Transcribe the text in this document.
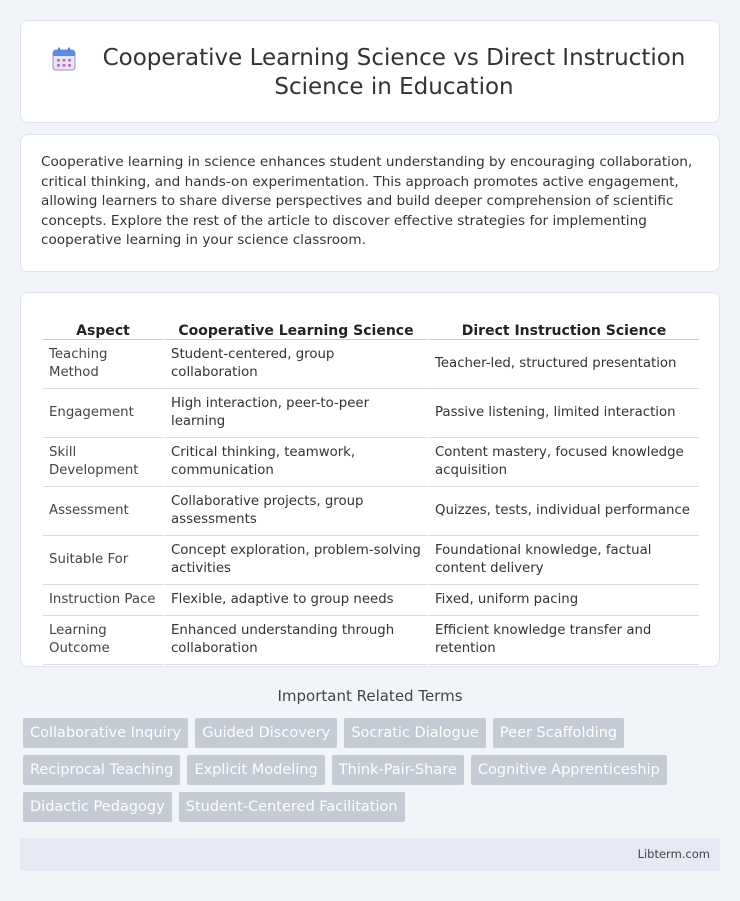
Cooperative Learning Science vs Direct Instruction Science in Education

Cooperative learning in science enhances student understanding by encouraging collaboration, critical thinking, and hands-on experimentation. This approach promotes active engagement, allowing learners to share diverse perspectives and build deeper comprehension of scientific concepts. Explore the rest of the article to discover effective strategies for implementing cooperative learning in your science classroom.

Aspect	Cooperative Learning Science	Direct Instruction Science
Teaching Method	Student-centered, group collaboration	Teacher-led, structured presentation
Engagement	High interaction, peer-to-peer learning	Passive listening, limited interaction
Skill Development	Critical thinking, teamwork, communication	Content mastery, focused knowledge acquisition
Assessment	Collaborative projects, group assessments	Quizzes, tests, individual performance
Suitable For	Concept exploration, problem-solving activities	Foundational knowledge, factual content delivery
Instruction Pace	Flexible, adaptive to group needs	Fixed, uniform pacing
Learning Outcome	Enhanced understanding through collaboration	Efficient knowledge transfer and retention
Important Related Terms
Collaborative Inquiry Guided Discovery Socratic Dialogue Peer Scaffolding Reciprocal Teaching Explicit Modeling Think-Pair-Share Cognitive Apprenticeship Didactic Pedagogy Student-Centered Facilitation
Libterm.com
